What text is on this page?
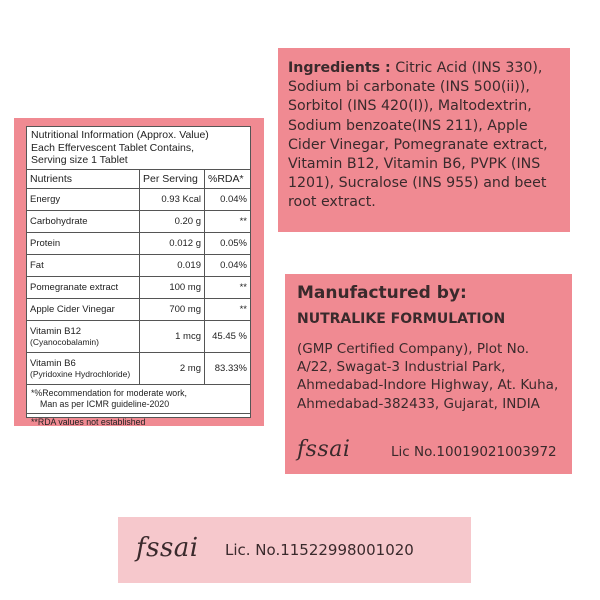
Nutritional Information (Approx. Value)
Each Effervescent Tablet Contains,
Serving size 1 Tablet
Nutrients	Per Serving	%RDA*
Energy	0.93 Kcal	0.04%
Carbohydrate	0.20 g	**
Protein	0.012 g	0.05%
Fat	0.019	0.04%
Pomegranate extract	100 mg	**
Apple Cider Vinegar	700 mg	**
Vitamin B12
(Cyanocobalamin)	1 mcg	45.45 %
Vitamin B6
(Pyridoxine Hydrochloride)	2 mg	83.33%
*%Recommendation for moderate work,
Man as per ICMR guideline-2020
**RDA values not established
Ingredients : Citric Acid (INS 330), Sodium bi carbonate (INS 500(ii)), Sorbitol (INS 420(I)), Maltodextrin, Sodium benzoate(INS 211), Apple Cider Vinegar, Pomegranate extract, Vitamin B12, Vitamin B6, PVPK (INS 1201), Sucralose (INS 955) and beet root extract.
Manufactured by:
NUTRALIKE FORMULATION
(GMP Certified Company), Plot No. A/22, Swagat-3 Industrial Park, Ahmedabad-Indore Highway, At. Kuha, Ahmedabad-382433, Gujarat, INDIA
fssai	Lic No.10019021003972
fssai Lic. No.11522998001020
